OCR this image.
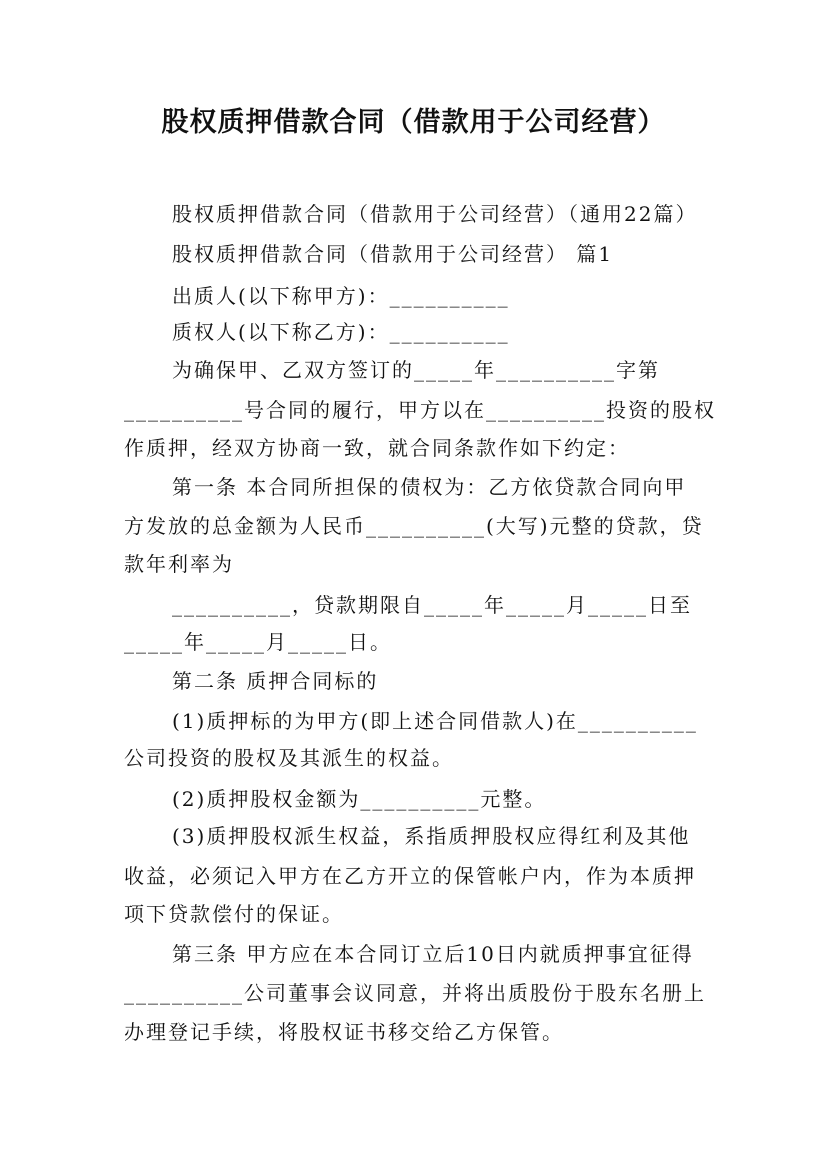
股权质押借款合同（借款用于公司经营）
股权质押借款合同（借款用于公司经营）（通用22篇）
股权质押借款合同（借款用于公司经营） 篇1
出质人(以下称甲方)：__________
质权人(以下称乙方)：__________
为确保甲、乙双方签订的_____年__________字第
__________号合同的履行，甲方以在__________投资的股权
作质押，经双方协商一致，就合同条款作如下约定：
第一条 本合同所担保的债权为：乙方依贷款合同向甲
方发放的总金额为人民币__________(大写)元整的贷款，贷
款年利率为
__________，贷款期限自_____年_____月_____日至
_____年_____月_____日。
第二条 质押合同标的
(1)质押标的为甲方(即上述合同借款人)在__________
公司投资的股权及其派生的权益。
(2)质押股权金额为__________元整。
(3)质押股权派生权益，系指质押股权应得红利及其他
收益，必须记入甲方在乙方开立的保管帐户内，作为本质押
项下贷款偿付的保证。
第三条 甲方应在本合同订立后10日内就质押事宜征得
__________公司董事会议同意，并将出质股份于股东名册上
办理登记手续，将股权证书移交给乙方保管。
